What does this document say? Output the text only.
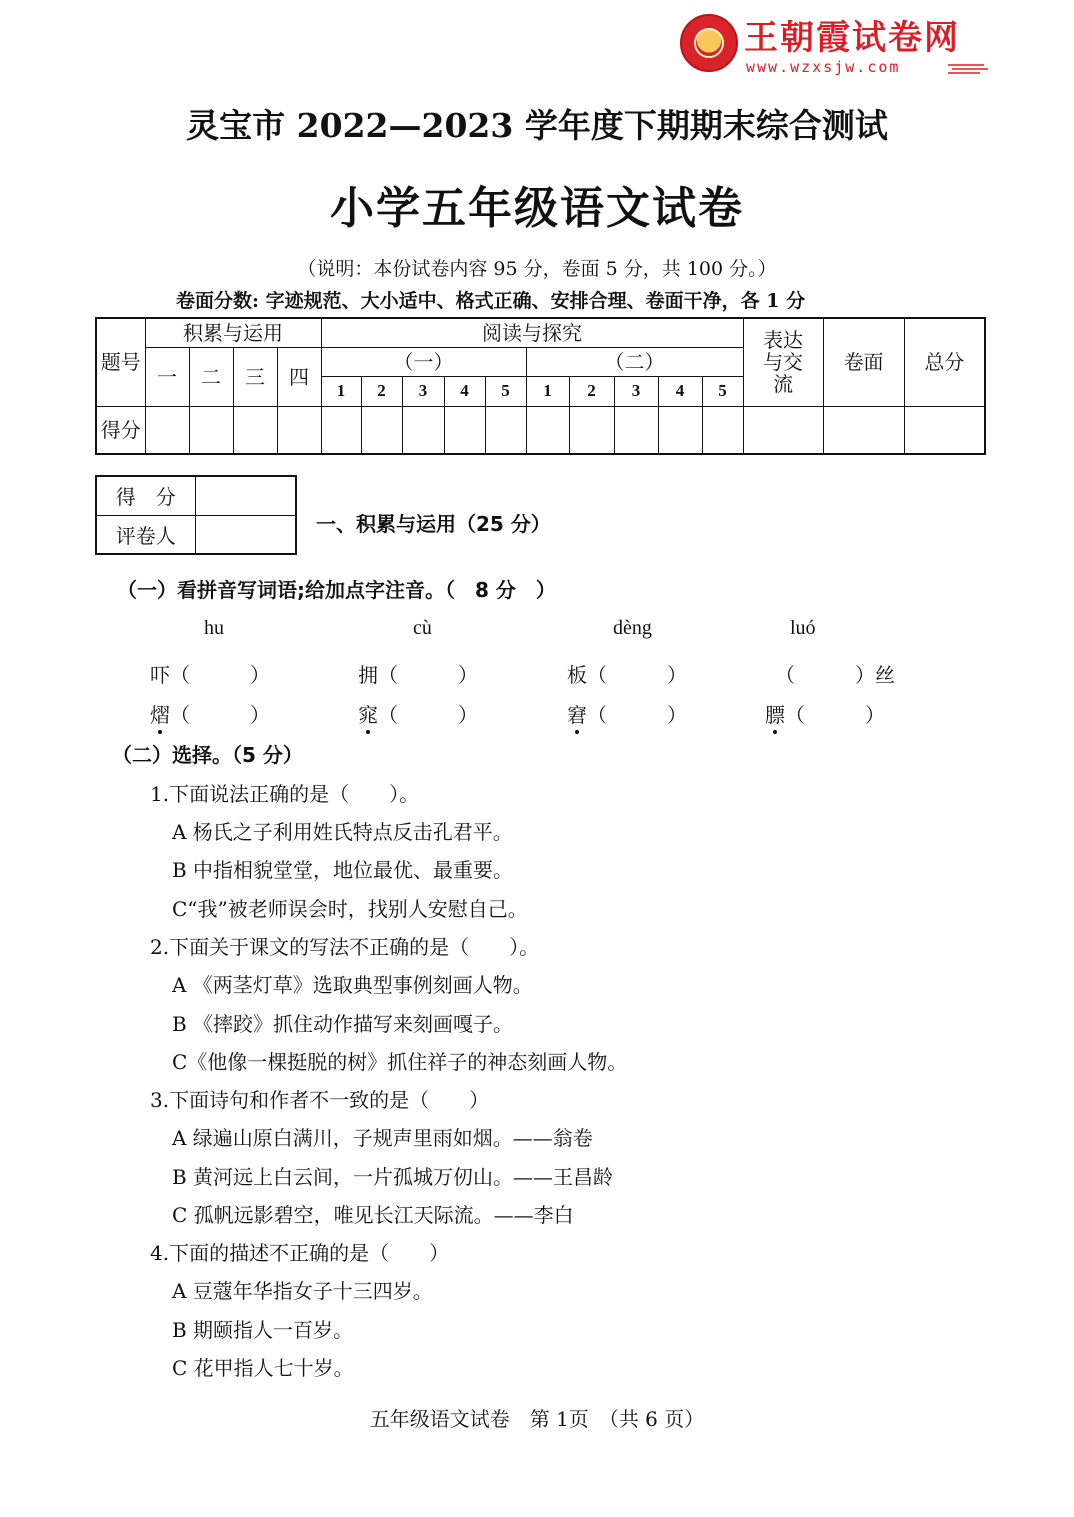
王朝霞试卷网
www.wzxsjw.com
灵宝市 2022—2023 学年度下期期末综合测试
小学五年级语文试卷
（说明：本份试卷内容 95 分，卷面 5 分，共 100 分。）
卷面分数: 字迹规范、大小适中、格式正确、安排合理、卷面干净，各 1 分
题号	积累与运用				阅读与探究										表达与交流	卷面	总分
	一	二	三	四	（一）					（二）							
					1	2	3	4	5	1	2	3	4	5			
得分																	
得　分	
评卷人		一、积累与运用（25 分）
（一）看拼音写词语;给加点字注音。（　8 分　）
hu	cù	dèng	luó
吓（　　　）	拥（　　　）	板（　　　）	（　　　）丝
熠（　　　）	窕（　　　）	窘（　　　）	膘（　　　）
（二）选择。（5 分）
1.下面说法正确的是（　　）。
A 杨氏之子利用姓氏特点反击孔君平。
B 中指相貌堂堂，地位最优、最重要。
C“我”被老师误会时，找别人安慰自己。
2.下面关于课文的写法不正确的是（　　）。
A 《两茎灯草》选取典型事例刻画人物。
B 《摔跤》抓住动作描写来刻画嘎子。
C《他像一棵挺脱的树》抓住祥子的神态刻画人物。
3.下面诗句和作者不一致的是（　　）
A 绿遍山原白满川，子规声里雨如烟。——翁卷
B 黄河远上白云间，一片孤城万仞山。——王昌龄
C 孤帆远影碧空，唯见长江天际流。——李白
4.下面的描述不正确的是（　　）
A 豆蔻年华指女子十三四岁。
B 期颐指人一百岁。
C 花甲指人七十岁。
五年级语文试卷　第 1页　（共 6 页）
